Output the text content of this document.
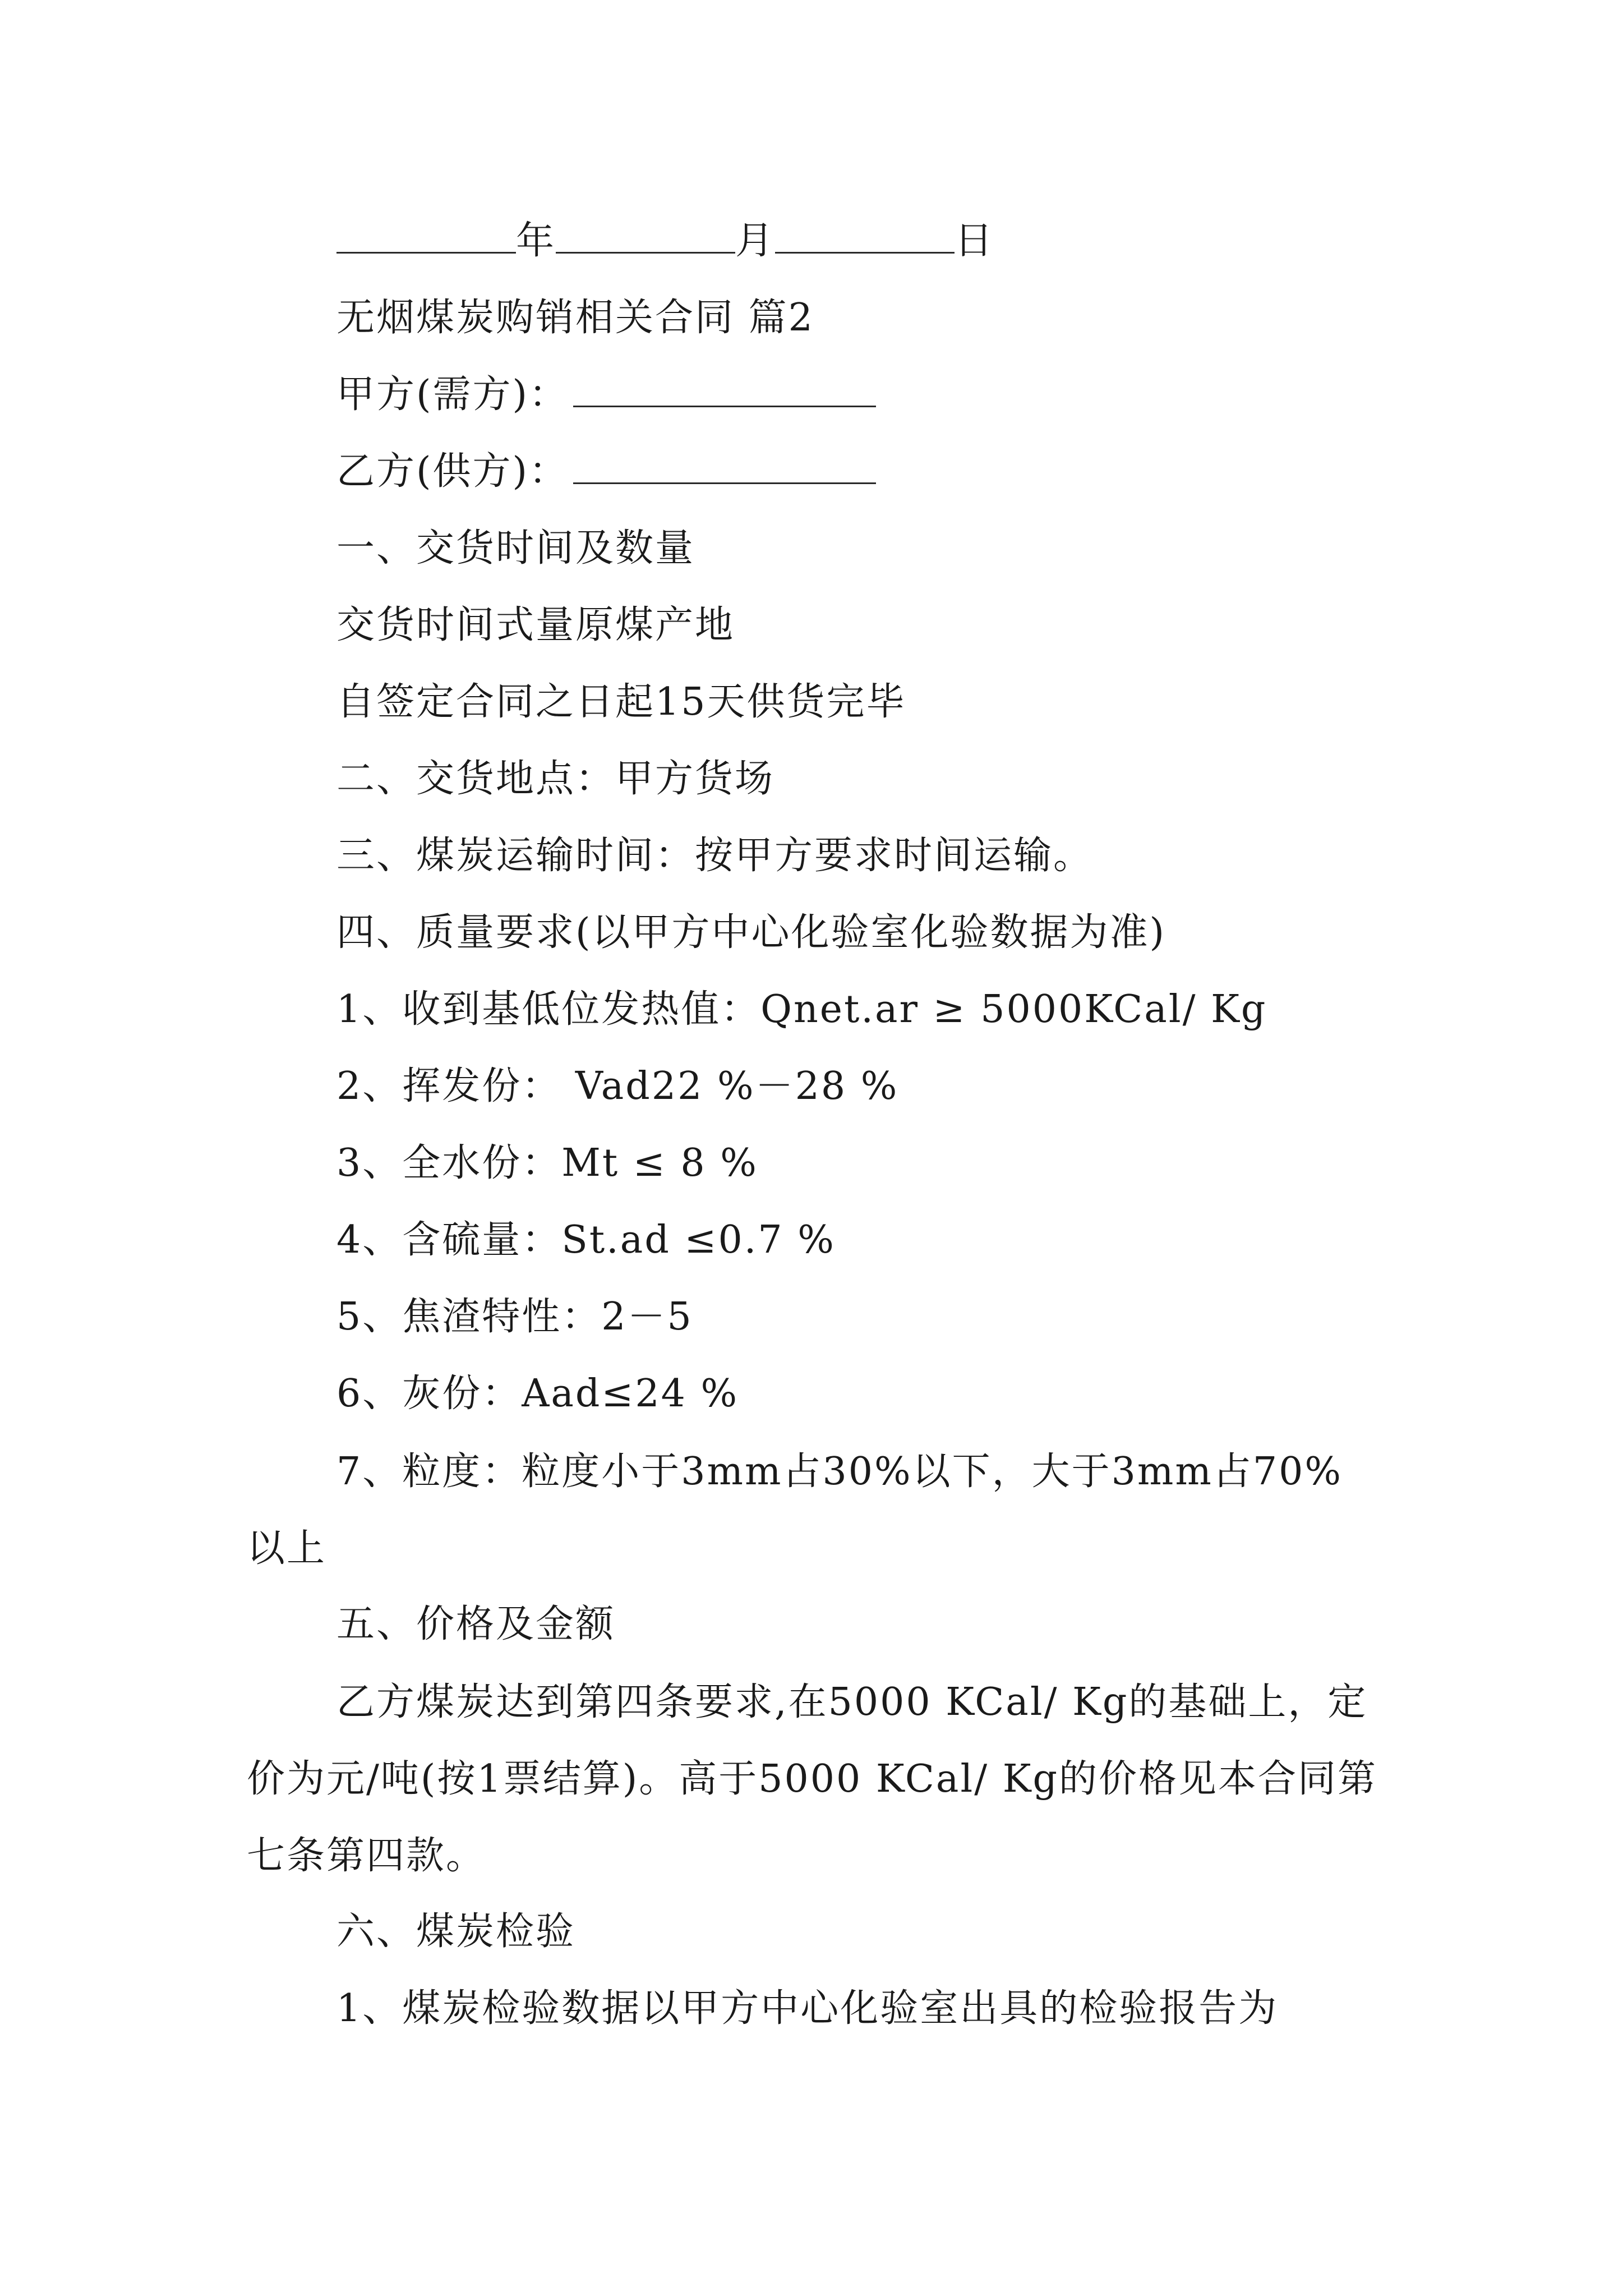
年	月	日
无烟煤炭购销相关合同 篇2
甲方(需方)：
乙方(供方)：
一、交货时间及数量
交货时间式量原煤产地
自签定合同之日起15天供货完毕
二、交货地点：甲方货场
三、煤炭运输时间：按甲方要求时间运输。
四、质量要求(以甲方中心化验室化验数据为准)
1、收到基低位发热值：Qnet.ar ≥ 5000KCal/ Kg
2、挥发份： Vad22 %－28 %
3、全水份：Mt ≤ 8 %
4、含硫量：St.ad ≤0.7 %
5、焦渣特性：2－5
6、灰份：Aad≤24 %
7、粒度：粒度小于3mm占30%以下，大于3mm占70%以上
五、价格及金额
乙方煤炭达到第四条要求,在5000 KCal/ Kg的基础上，定价为元/吨(按1票结算)。高于5000 KCal/ Kg的价格见本合同第七条第四款。
六、煤炭检验
1、煤炭检验数据以甲方中心化验室出具的检验报告为
